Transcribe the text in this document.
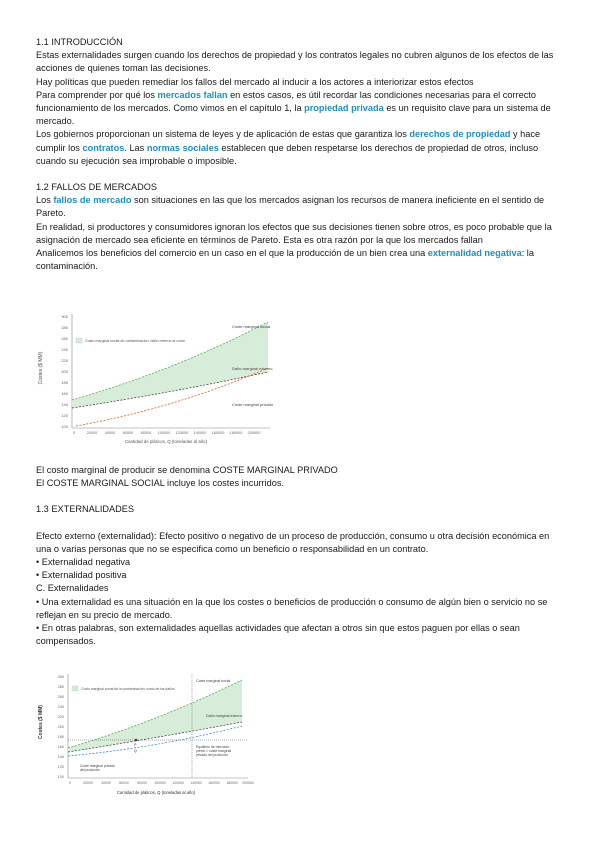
1.1 INTRODUCCIÓN

Estas externalidades surgen cuando los derechos de propiedad y los contratos legales no cubren algunos de los efectos de las acciones de quienes toman las decisiones.

Hay políticas que pueden remediar los fallos del mercado al inducir a los actores a interiorizar estos efectos

Para comprender por qué los mercados fallan en estos casos, es útil recordar las condiciones necesarias para el correcto funcionamiento de los mercados. Como vimos en el capítulo 1, la propiedad privada es un requisito clave para un sistema de mercado.

Los gobiernos proporcionan un sistema de leyes y de aplicación de estas que garantiza los derechos de propiedad y hace cumplir los contratos. Las normas sociales establecen que deben respetarse los derechos de propiedad de otros, incluso cuando su ejecución sea improbable o imposible.

1.2 FALLOS DE MERCADOS

Los fallos de mercado son situaciones en las que los mercados asignan los recursos de manera ineficiente en el sentido de Pareto.

En realidad, si productores y consumidores ignoran los efectos que sus decisiones tienen sobre otros, es poco probable que la asignación de mercado sea eficiente en términos de Pareto. Esta es otra razón por la que los mercados fallan

Analicemos los beneficios del comercio en un caso en el que la producción de un bien crea una externalidad negativa: la contaminación.

Costes ($ MM)
300
280
260
240
220
200
180
160
140
120
100
Costo marginal social de contaminación: daño externo al costo
Coste marginal social
Daño marginal externo
Coste marginal privado
0	20000 40000 60000 80000 100000 120000 140000 160000 180000 200000
Cantidad de pláticos, Q (toneladas al año)

El costo marginal de producir se denomina COSTE MARGINAL PRIVADO

El COSTE MARGINAL SOCIAL incluye los costes incurridos.

1.3 EXTERNALIDADES

Efecto externo (externalidad): Efecto positivo o negativo de un proceso de producción, consumo u otra decisión económica en una o varias personas que no se especifica como un beneficio o responsabilidad en un contrato.

• Externalidad negativa

• Externalidad positiva

C. Externalidades

• Una externalidad es una situación en la que los costes o beneficios de producción o consumo de algún bien o servicio no se reflejan en su precio de mercado.

• En otras palabras, son externalidades aquellas actividades que afectan a otros sin que estos paguen por ellas o sean compensados.

Costes ($ MM)
300
280
260
240
220
200
180
160
140
120
100
Costo marginal social de la contaminación: costo de los daños
Coste marginal social
Daño marginal externo
P
Q
Coste marginal privado
del productor
Equilibrio de mercado:
precio = coste marginal
privado del productor
0	20000	40000	60000	80000 100000 120000 140000 160000 180000 200000
Cantidad de pláticos, Q (toneladas al año)
